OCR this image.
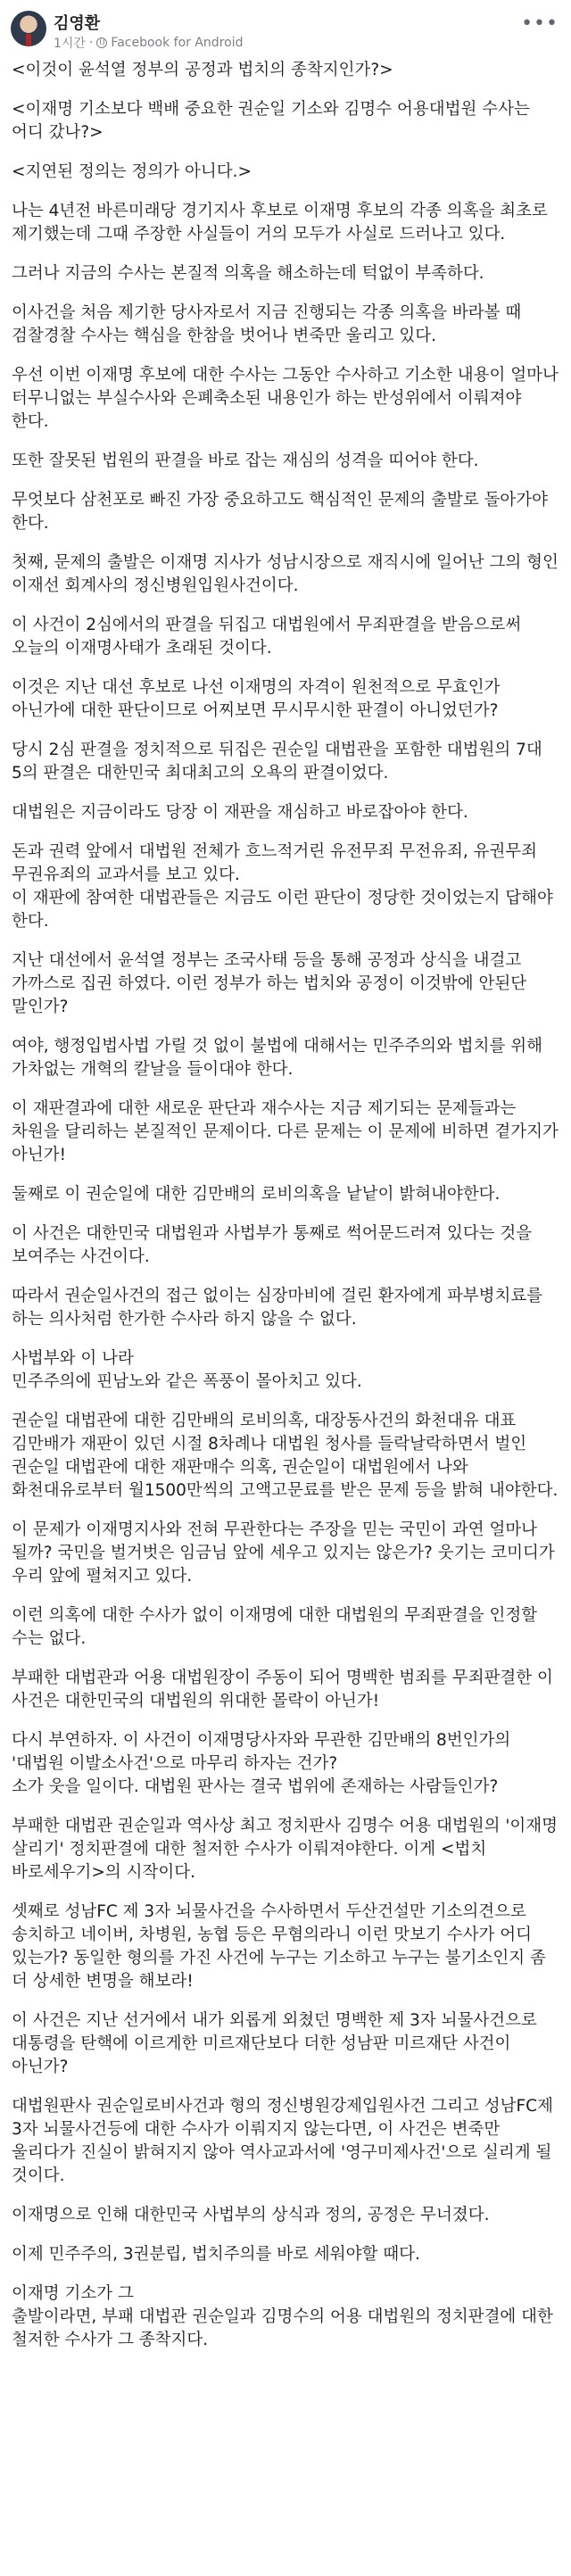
김영환
1시간 · Facebook for Android
•••

<이것이 윤석열 정부의 공정과 법치의 종착지인가?>

<이재명 기소보다 백배 중요한 권순일 기소와 김명수 어용대법원 수사는 어디 갔나?>

<지연된 정의는 정의가 아니다.>

나는 4년전 바른미래당 경기지사 후보로 이재명 후보의 각종 의혹을 최초로 제기했는데 그때 주장한 사실들이 거의 모두가 사실로 드러나고 있다.

그러나 지금의 수사는 본질적 의혹을 해소하는데 턱없이 부족하다.

이사건을 처음 제기한 당사자로서 지금 진행되는 각종 의혹을 바라볼 때 검찰경찰 수사는 핵심을 한참을 벗어나 변죽만 울리고 있다.

우선 이번 이재명 후보에 대한 수사는 그동안 수사하고 기소한 내용이 얼마나 터무니없는 부실수사와 은폐축소된 내용인가 하는 반성위에서 이뤄져야 한다.

또한 잘못된 법원의 판결을 바로 잡는 재심의 성격을 띠어야 한다.

무엇보다 삼천포로 빠진 가장 중요하고도 핵심적인 문제의 출발로 돌아가야 한다.

첫째, 문제의 출발은 이재명 지사가 성남시장으로 재직시에 일어난 그의 형인 이재선 회계사의 정신병원입원사건이다.

이 사건이 2심에서의 판결을 뒤집고 대법원에서 무죄판결을 받음으로써 오늘의 이재명사태가 초래된 것이다.

이것은 지난 대선 후보로 나선 이재명의 자격이 원천적으로 무효인가 아닌가에 대한 판단이므로 어찌보면 무시무시한 판결이 아니었던가?

당시 2심 판결을 정치적으로 뒤집은 권순일 대법관을 포함한 대법원의 7대 5의 판결은 대한민국 최대최고의 오욕의 판결이었다.

대법원은 지금이라도 당장 이 재판을 재심하고 바로잡아야 한다.

돈과 권력 앞에서 대법원 전체가 흐느적거린 유전무죄 무전유죄, 유권무죄 무권유죄의 교과서를 보고 있다.
이 재판에 참여한 대법관들은 지금도 이런 판단이 정당한 것이었는지 답해야 한다.

지난 대선에서 윤석열 정부는 조국사태 등을 통해 공정과 상식을 내걸고 가까스로 집권 하였다. 이런 정부가 하는 법치와 공정이 이것밖에 안된단 말인가?

여야, 행정입법사법 가릴 것 없이 불법에 대해서는 민주주의와 법치를 위해 가차없는 개혁의 칼날을 들이대야 한다.

이 재판결과에 대한 새로운 판단과 재수사는 지금 제기되는 문제들과는 차원을 달리하는 본질적인 문제이다. 다른 문제는 이 문제에 비하면 곁가지가 아닌가!

둘째로 이 권순일에 대한 김만배의 로비의혹을 낱낱이 밝혀내야한다.

이 사건은 대한민국 대법원과 사법부가 통째로 썩어문드러져 있다는 것을 보여주는 사건이다.

따라서 권순일사건의 접근 없이는 심장마비에 걸린 환자에게 파부병치료를 하는 의사처럼 한가한 수사라 하지 않을 수 없다.

사법부와 이 나라
민주주의에 핀남노와 같은 폭풍이 몰아치고 있다.

권순일 대법관에 대한 김만배의 로비의혹, 대장동사건의 화천대유 대표 김만배가 재판이 있던 시절 8차례나 대법원 청사를 들락날락하면서 벌인 권순일 대법관에 대한 재판매수 의혹, 권순일이 대법원에서 나와 화천대유로부터 월1500만씩의 고액고문료를 받은 문제 등을 밝혀 내야한다.

이 문제가 이재명지사와 전혀 무관한다는 주장을 믿는 국민이 과연 얼마나 될까? 국민을 벌거벗은 임금님 앞에 세우고 있지는 않은가? 웃기는 코미디가 우리 앞에 펼쳐지고 있다.

이런 의혹에 대한 수사가 없이 이재명에 대한 대법원의 무죄판결을 인정할 수는 없다.

부패한 대법관과 어용 대법원장이 주동이 되어 명백한 범죄를 무죄판결한 이 사건은 대한민국의 대법원의 위대한 몰락이 아닌가!

다시 부연하자. 이 사건이 이재명당사자와 무관한 김만배의 8번인가의 '대법원 이발소사건'으로 마무리 하자는 건가?
소가 웃을 일이다. 대법원 판사는 결국 법위에 존재하는 사람들인가?

부패한 대법관 권순일과 역사상 최고 정치판사 김명수 어용 대법원의 '이재명 살리기' 정치판결에 대한 철저한 수사가 이뤄져야한다. 이게 <법치 바로세우기>의 시작이다.

셋째로 성남FC 제 3자 뇌물사건을 수사하면서 두산건설만 기소의견으로 송치하고 네이버, 차병원, 농협 등은 무혐의라니 이런 맛보기 수사가 어디 있는가? 동일한 형의를 가진 사건에 누구는 기소하고 누구는 불기소인지 좀 더 상세한 변명을 해보라!

이 사건은 지난 선거에서 내가 외롭게 외쳤던 명백한 제 3자 뇌물사건으로
대통령을 탄핵에 이르게한 미르재단보다 더한 성남판 미르재단 사건이 아닌가?

대법원판사 권순일로비사건과 형의 정신병원강제입원사건 그리고 성남FC제 3자 뇌물사건등에 대한 수사가 이뤄지지 않는다면, 이 사건은 변죽만 울리다가 진실이 밝혀지지 않아 역사교과서에 '영구미제사건'으로 실리게 될 것이다.

이재명으로 인해 대한민국 사법부의 상식과 정의, 공정은 무너졌다.

이제 민주주의, 3권분립, 법치주의를 바로 세워야할 때다.

이재명 기소가 그
출발이라면, 부패 대법관 권순일과 김명수의 어용 대법원의 정치판결에 대한 철저한 수사가 그 종착지다.
